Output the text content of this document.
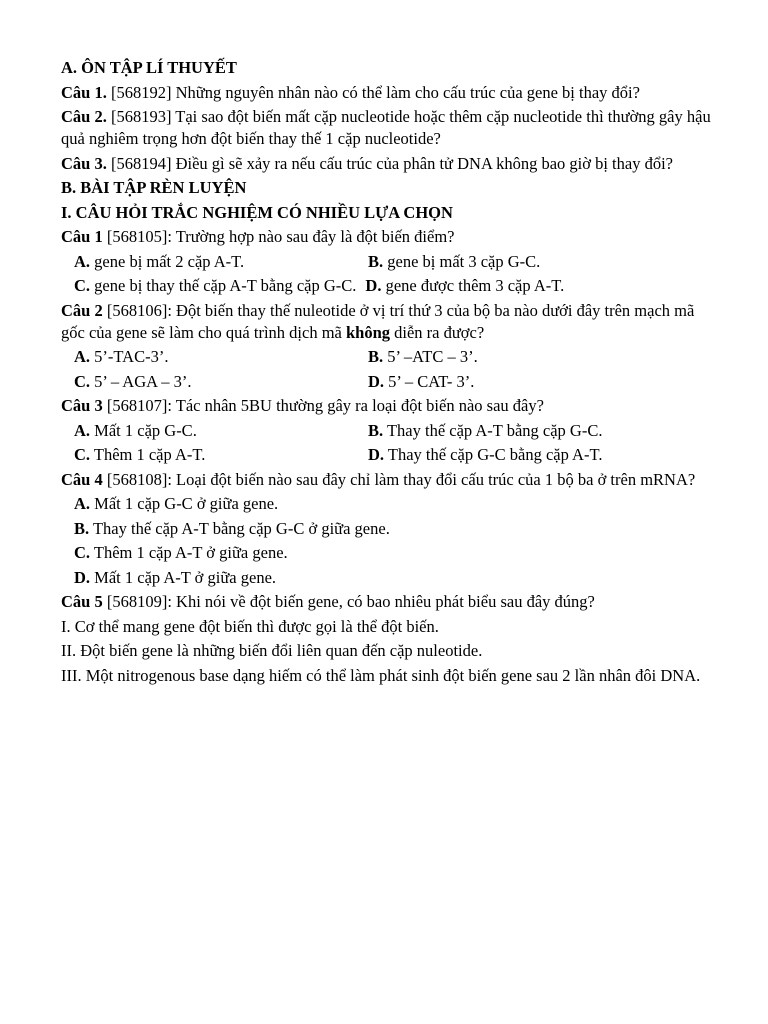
A. ÔN TẬP LÍ THUYẾT
Câu 1. [568192] Những nguyên nhân nào có thể làm cho cấu trúc của gene bị thay đổi?
Câu 2. [568193] Tại sao đột biến mất cặp nucleotide hoặc thêm cặp nucleotide thì thường gây hậu quả nghiêm trọng hơn đột biến thay thế 1 cặp nucleotide?
Câu 3. [568194] Điều gì sẽ xảy ra nếu cấu trúc của phân tử DNA không bao giờ bị thay đổi?
B. BÀI TẬP RÈN LUYỆN
I. CÂU HỎI TRẮC NGHIỆM CÓ NHIỀU LỰA CHỌN
Câu 1 [568105]: Trường hợp nào sau đây là đột biến điểm?
A. gene bị mất 2 cặp A-T.	B. gene bị mất 3 cặp G-C.
C. gene bị thay thế cặp A-T bằng cặp G-C. D. gene được thêm 3 cặp A-T.
Câu 2 [568106]: Đột biến thay thế nuleotide ở vị trí thứ 3 của bộ ba nào dưới đây trên mạch mã gốc của gene sẽ làm cho quá trình dịch mã không diễn ra được?
A. 5’-TAC-3’.	B. 5’ –ATC – 3’.
C. 5’ – AGA – 3’.	D. 5’ – CAT- 3’.
Câu 3 [568107]: Tác nhân 5BU thường gây ra loại đột biến nào sau đây?
A. Mất 1 cặp G-C.	B. Thay thế cặp A-T bằng cặp G-C.
C. Thêm 1 cặp A-T.	D. Thay thế cặp G-C bằng cặp A-T.
Câu 4 [568108]: Loại đột biến nào sau đây chỉ làm thay đổi cấu trúc của 1 bộ ba ở trên mRNA?
A. Mất 1 cặp G-C ở giữa gene.
B. Thay thế cặp A-T bằng cặp G-C ở giữa gene.
C. Thêm 1 cặp A-T ở giữa gene.
D. Mất 1 cặp A-T ở giữa gene.
Câu 5 [568109]: Khi nói về đột biến gene, có bao nhiêu phát biểu sau đây đúng?
I. Cơ thể mang gene đột biến thì được gọi là thể đột biến.
II. Đột biến gene là những biến đổi liên quan đến cặp nuleotide.
III. Một nitrogenous base dạng hiếm có thể làm phát sinh đột biến gene sau 2 lần nhân đôi DNA.
